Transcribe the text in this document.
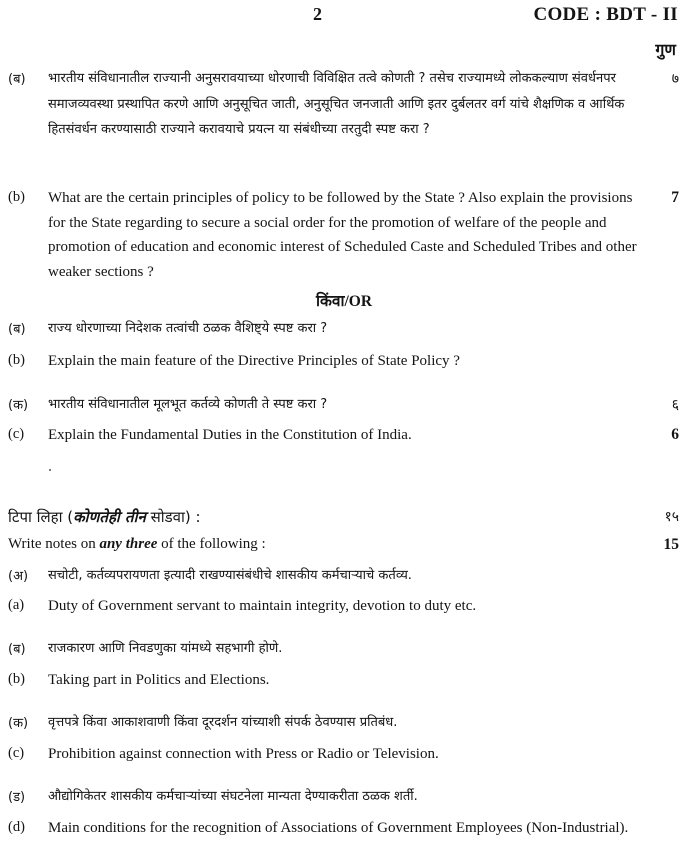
2	CODE : BDT - II
गुण
(ब) भारतीय संविधानातील राज्यानी अनुसरावयाच्या धोरणाची विविक्षित तत्वे कोणती ? तसेच राज्यामध्ये लोककल्याण संवर्धनपर समाजव्यवस्था प्रस्थापित करणे आणि अनुसूचित जाती, अनुसूचित जनजाती आणि इतर दुर्बलतर वर्ग यांचे शैक्षणिक व आर्थिक हितसंवर्धन करण्यासाठी राज्याने करावयाचे प्रयत्न या संबंधीच्या तरतुदी स्पष्ट करा ?
७
(b) What are the certain principles of policy to be followed by the State ? Also explain the provisions for the State regarding to secure a social order for the promotion of welfare of the people and promotion of education and economic interest of Scheduled Caste and Scheduled Tribes and other weaker sections ?
7
किंवा/OR
(ब) राज्य धोरणाच्या निदेशक तत्वांची ठळक वैशिष्ट्ये स्पष्ट करा ?
(b) Explain the main feature of the Directive Principles of State Policy ?
(क) भारतीय संविधानातील मूलभूत कर्तव्ये कोणती ते स्पष्ट करा ?	६
(c) Explain the Fundamental Duties in the Constitution of India.	6
टिपा लिहा (कोणतेही तीन सोडवा) :	१५
Write notes on any three of the following :	15
(अ) सचोटी, कर्तव्यपरायणता इत्यादी राखण्यासंबंधीचे शासकीय कर्मचाऱ्याचे कर्तव्य.
(a) Duty of Government servant to maintain integrity, devotion to duty etc.
(ब) राजकारण आणि निवडणुका यांमध्ये सहभागी होणे.
(b) Taking part in Politics and Elections.
(क) वृत्तपत्रे किंवा आकाशवाणी किंवा दूरदर्शन यांच्याशी संपर्क ठेवण्यास प्रतिबंध.
(c) Prohibition against connection with Press or Radio or Television.
(ड) औद्योगिकेतर शासकीय कर्मचाऱ्यांच्या संघटनेला मान्यता देण्याकरीता ठळक शर्ती.
(d) Main conditions for the recognition of Associations of Government Employees (Non-Industrial).
